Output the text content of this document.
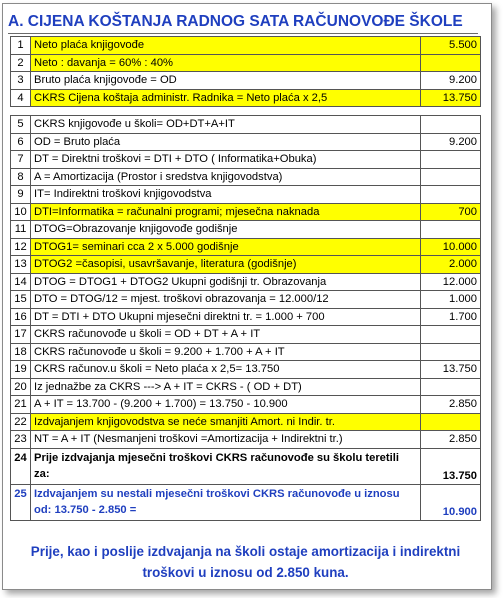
A. CIJENA KOŠTANJA RADNOG SATA RAČUNOVOĐE ŠKOLE
1	Neto plaća knjigovođe	5.500
2	Neto : davanja = 60% : 40%	
3	Bruto plaća knjigovođe = OD	9.200
4	CKRS Cijena koštaja administr. Radnika = Neto plaća x 2,5	13.750

5	CKRS knjigovođe u školi= OD+DT+A+IT	
6	OD = Bruto plaća	9.200
7	DT = Direktni troškovi = DTI + DTO ( Informatika+Obuka)	
8	A = Amortizacija (Prostor i sredstva knjigovodstva)	
9	IT= Indirektni troškovi knjigovodstva	
10	DTI=Informatika = računalni programi; mjesečna naknada	700
11	DTOG=Obrazovanje knjigovođe godišnje	
12	DTOG1= seminari cca 2 x 5.000 godišnje	10.000
13	DTOG2 =časopisi, usavršavanje, literatura (godišnje)	2.000
14	DTOG = DTOG1 + DTOG2 Ukupni godišnji tr. Obrazovanja	12.000
15	DTO = DTOG/12 = mjest. troškovi obrazovanja = 12.000/12	1.000
16	DT = DTI + DTO Ukupni mjesečni direktni tr. = 1.000 + 700	1.700
17	CKRS računovođe u školi = OD + DT + A + IT	
18	CKRS računovođe u školi = 9.200 + 1.700 + A + IT	
19	CKRS računov.u školi = Neto plaća x 2,5= 13.750	13.750
20	Iz jednažbe za CKRS ---> A + IT = CKRS - ( OD + DT)	
21	A + IT = 13.700 - (9.200 + 1.700) = 13.750 - 10.900	2.850
22	Izdvajanjem knjigovodstva se neće smanjiti Amort. ni Indir. tr.	
23	NT = A + IT (Nesmanjeni troškovi =Amortizacija + Indirektni tr.)	2.850
24	Prije izdvajanja mjesečni troškovi CKRS računovođe su školu teretili za:	13.750
25	Izdvajanjem su nestali mjesečni troškovi CKRS računovođe u iznosu od: 13.750 - 2.850 =	10.900
Prije, kao i poslije izdvajanja na školi ostaje amortizacija i indirektni troškovi u iznosu od 2.850 kuna.
